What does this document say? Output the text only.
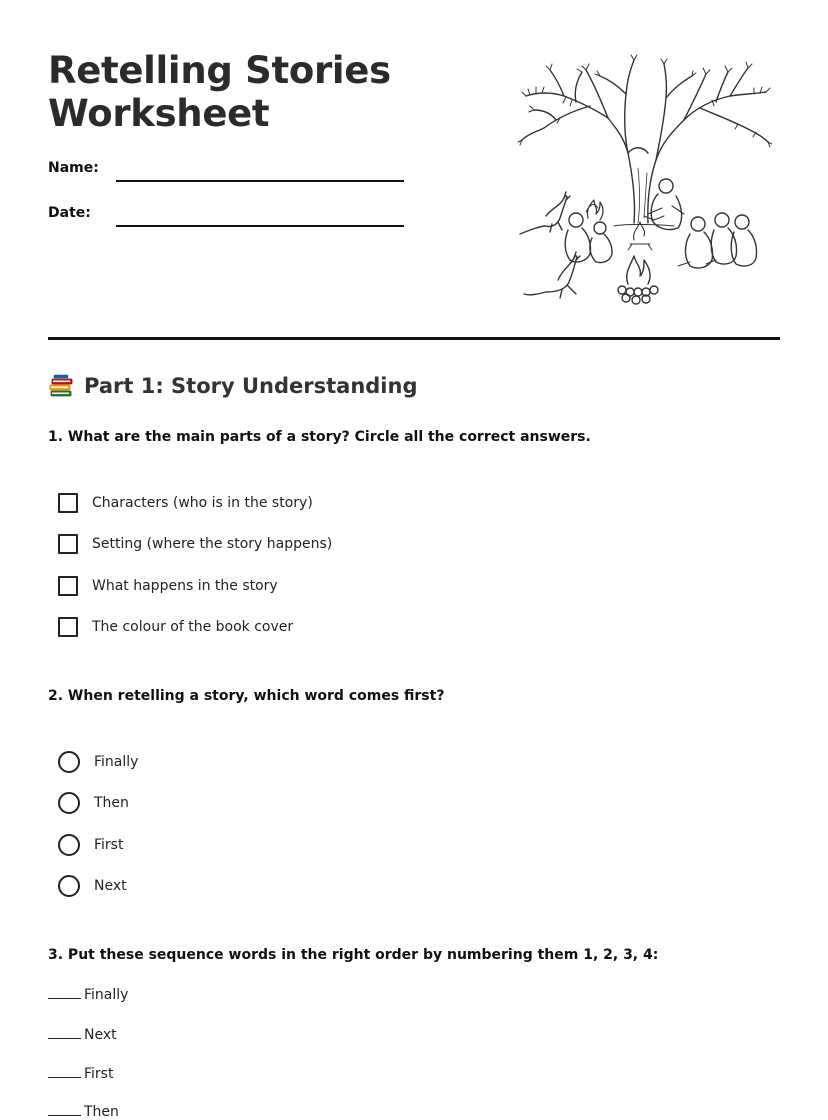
Retelling Stories
Worksheet
Name:
Date:
Part 1: Story Understanding

1. What are the main parts of a story? Circle all the correct answers.

Characters (who is in the story)
Setting (where the story happens)
What happens in the story
The colour of the book cover

2. When retelling a story, which word comes first?

Finally
Then
First
Next

3. Put these sequence words in the right order by numbering them 1, 2, 3, 4:

Finally
Next
First
Then
